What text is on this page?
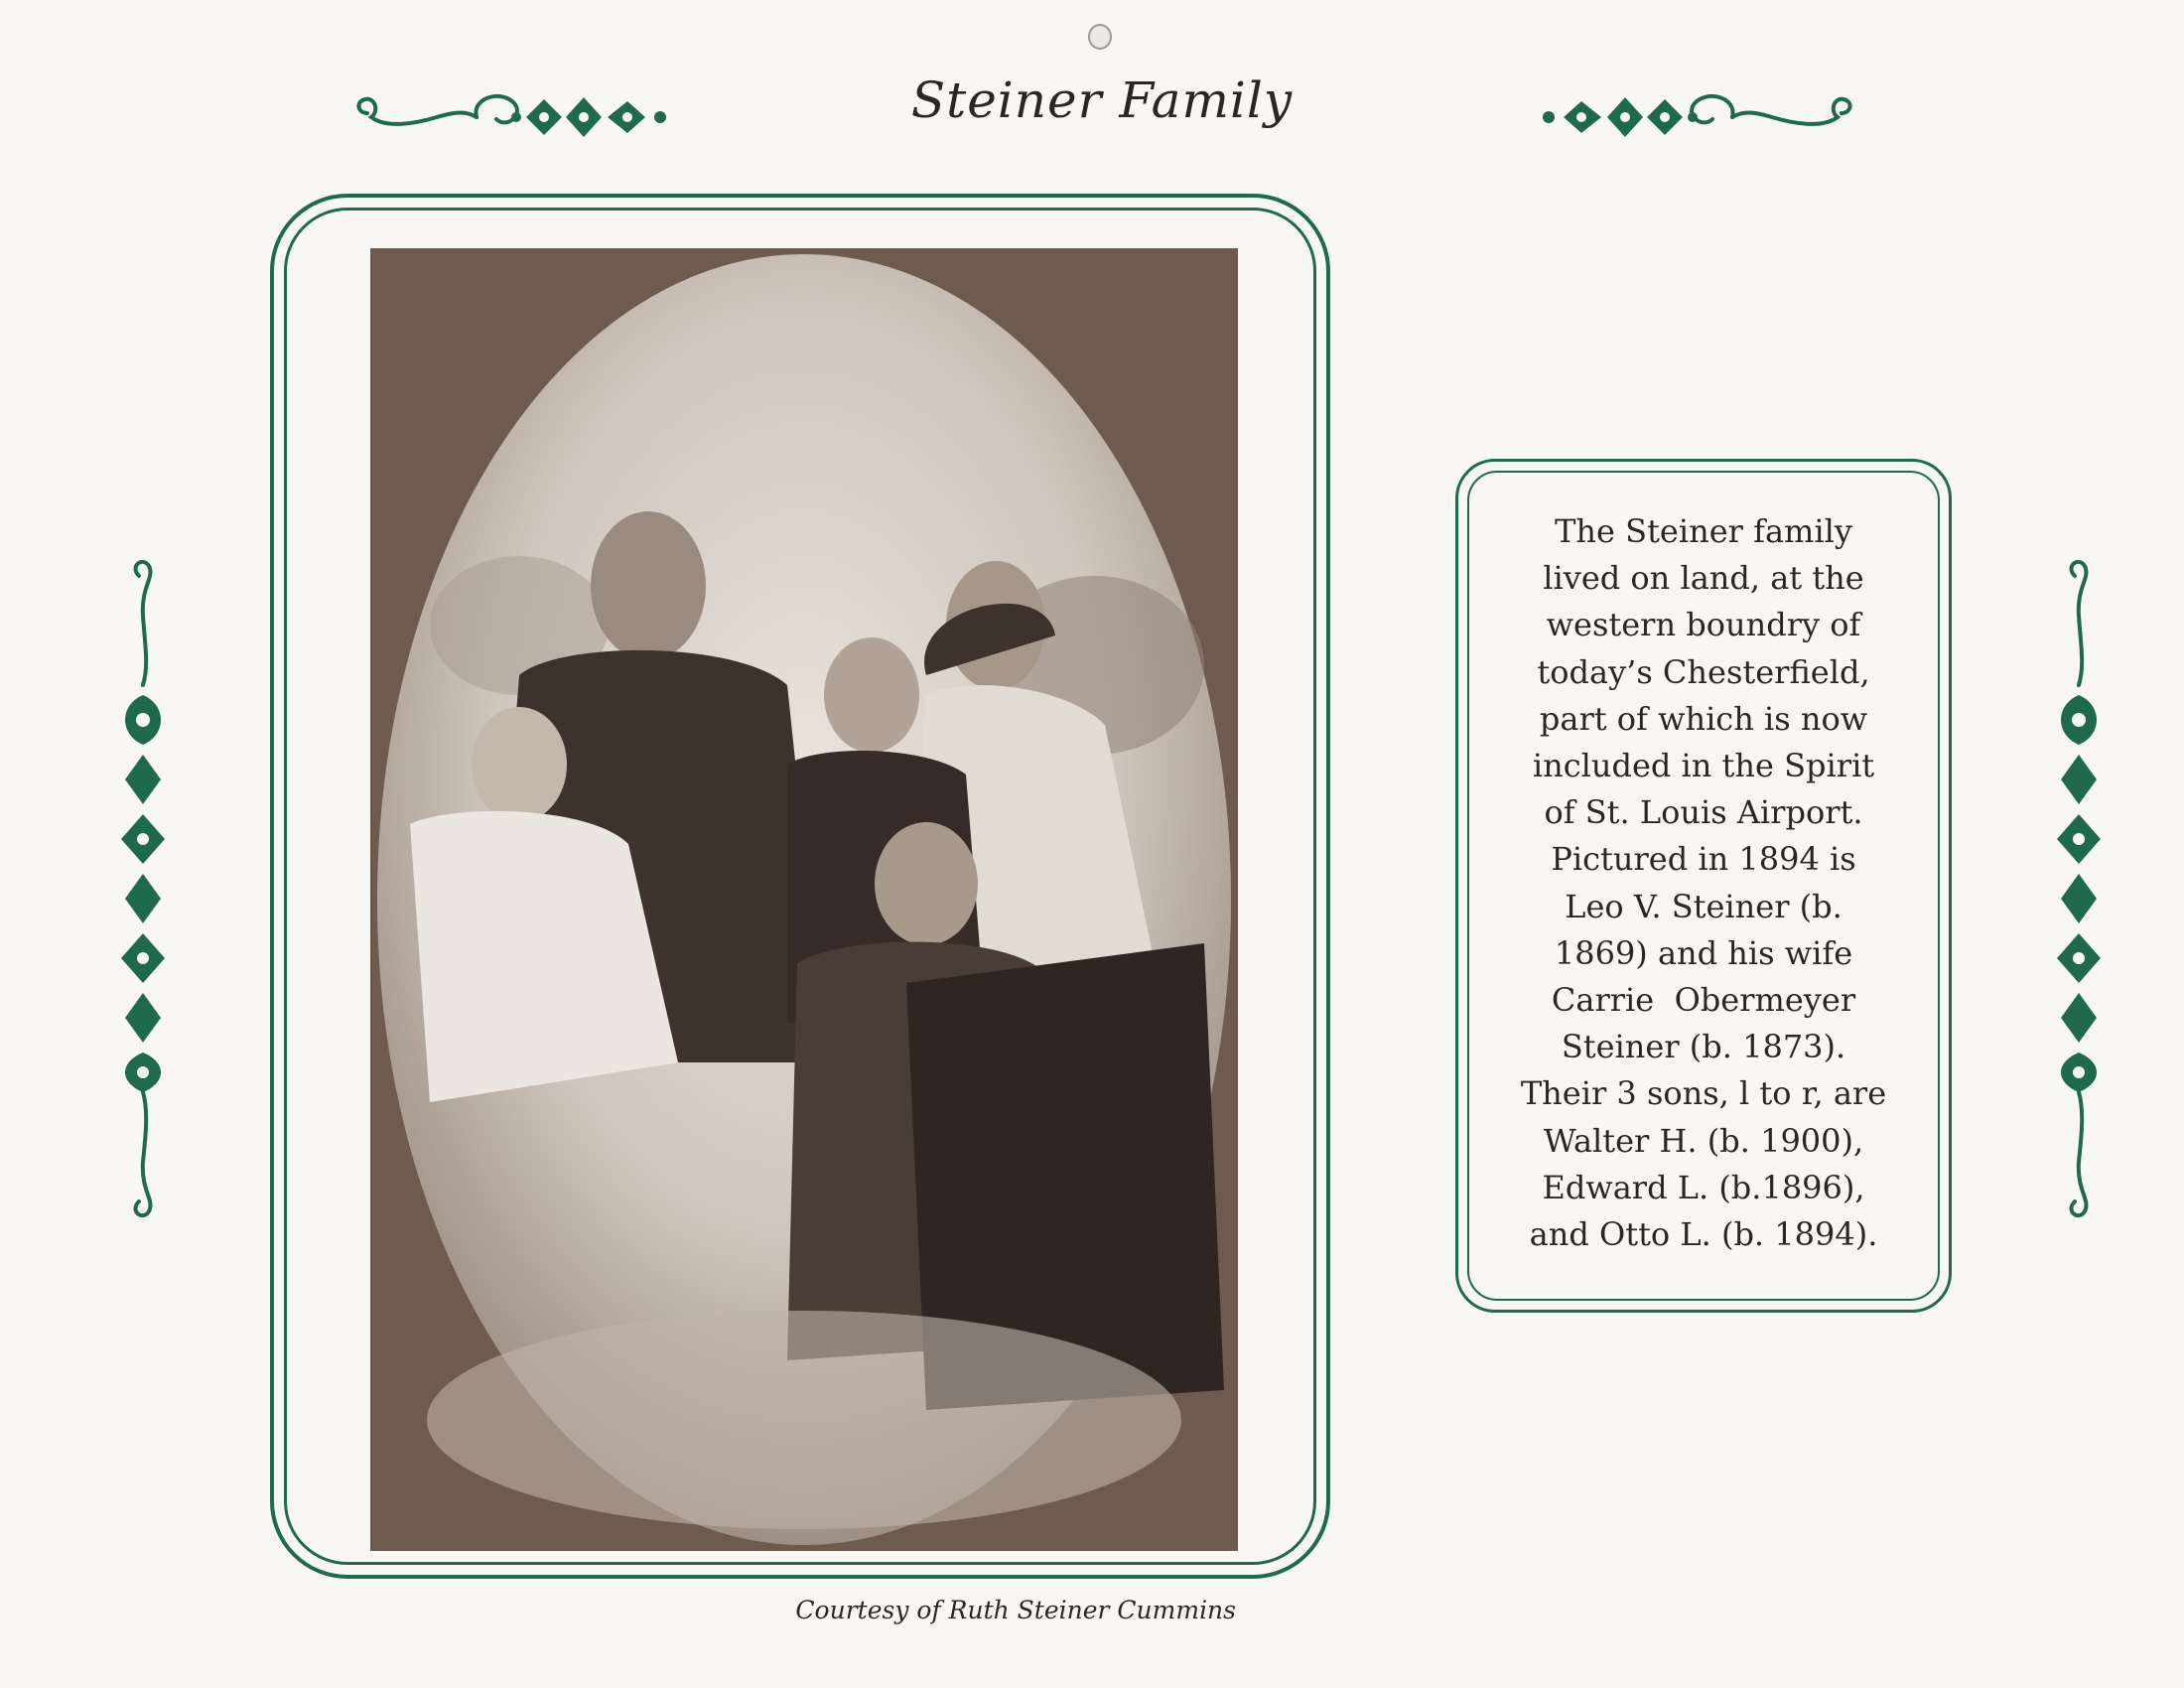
Steiner Family
Courtesy of Ruth Steiner Cummins
The Steiner family
lived on land, at the
western boundry of
today’s Chesterfield,
part of which is now
included in the Spirit
of St. Louis Airport.
Pictured in 1894 is
Leo V. Steiner (b.
1869) and his wife
Carrie  Obermeyer
Steiner (b. 1873).
Their 3 sons, l to r, are
Walter H. (b. 1900),
Edward L. (b.1896),
and Otto L. (b. 1894).
